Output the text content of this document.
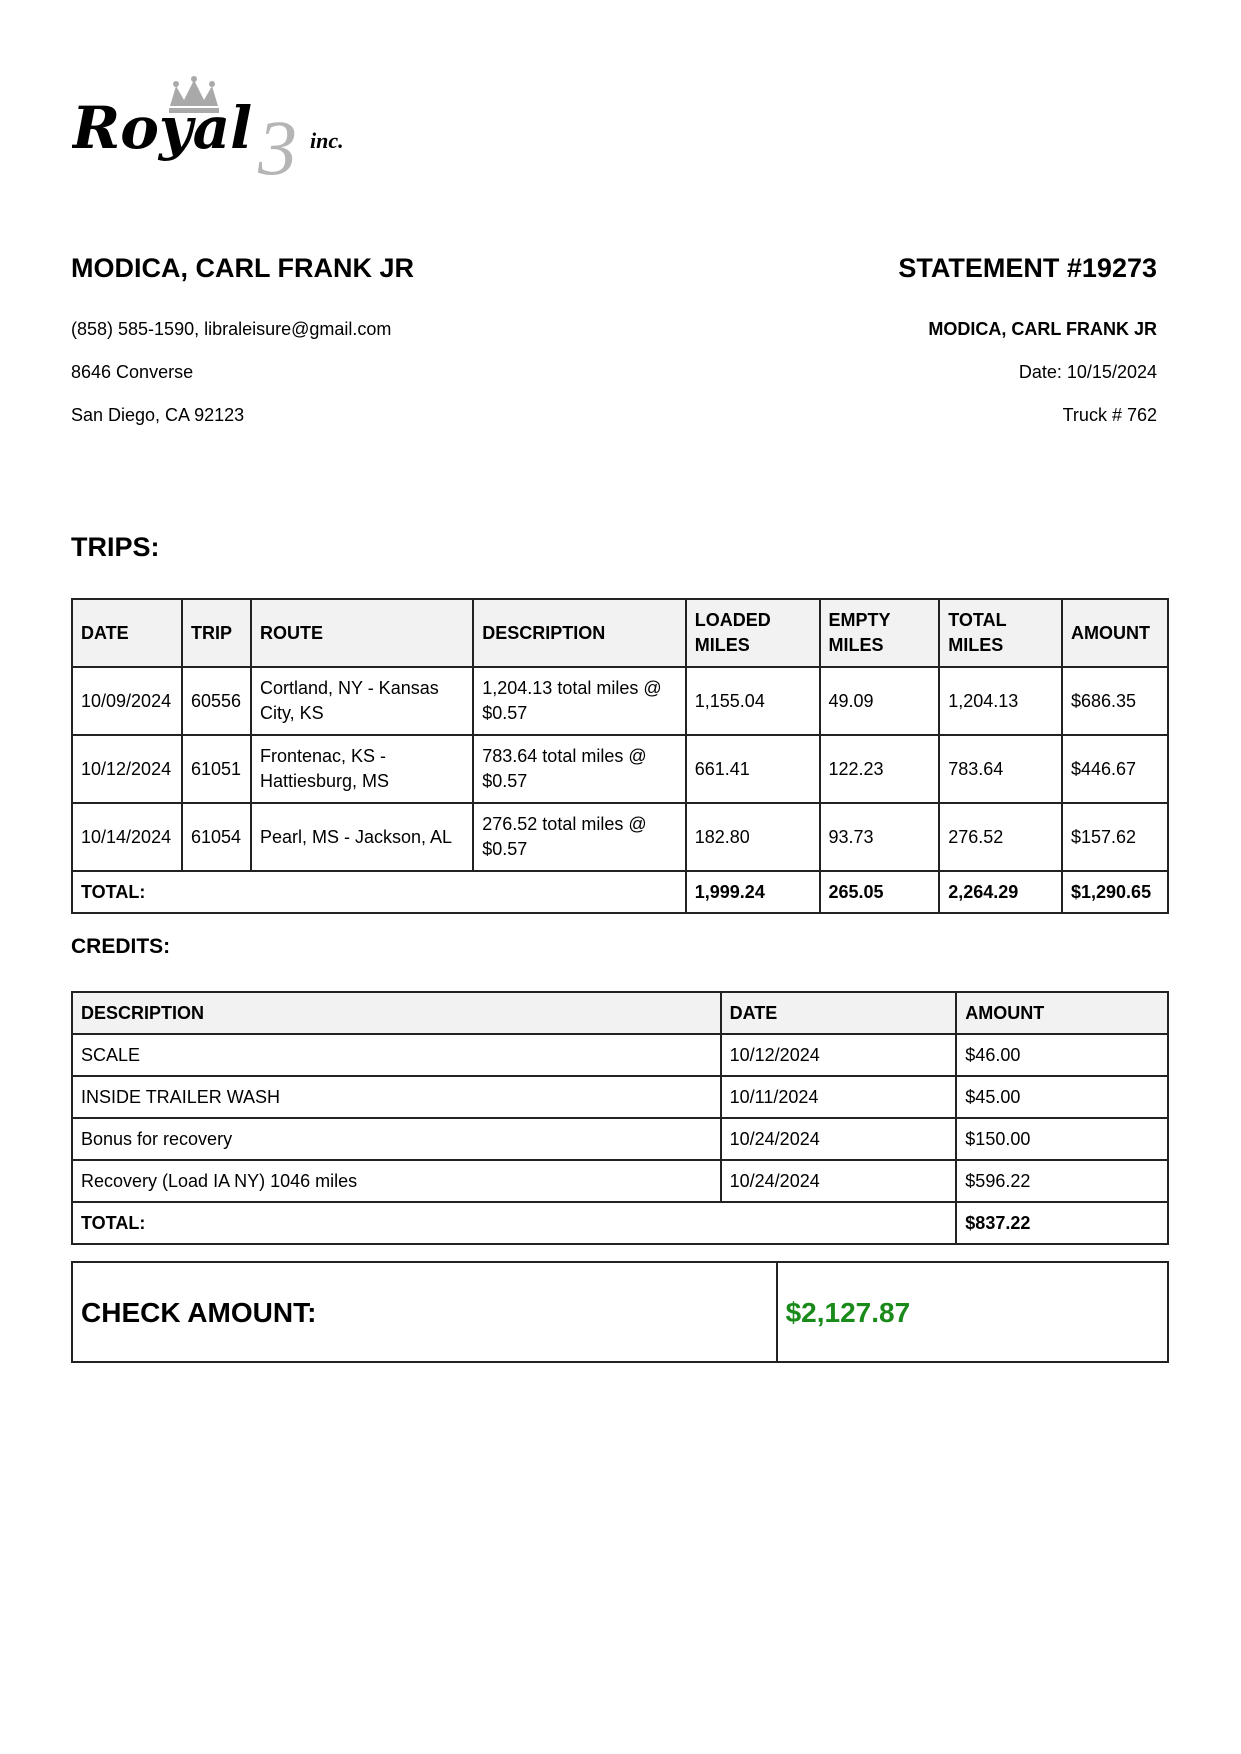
3
Royal	inc.
MODICA, CARL FRANK JR
(858) 585-1590, libraleisure@gmail.com
8646 Converse
San Diego, CA 92123
STATEMENT #19273
MODICA, CARL FRANK JR
Date: 10/15/2024
Truck # 762
TRIPS:
DATE	TRIP	ROUTE	DESCRIPTION	LOADED MILES	EMPTY MILES	TOTAL MILES	AMOUNT
10/09/2024	60556	Cortland, NY - Kansas City, KS	1,204.13 total miles @ $0.57	1,155.04	49.09	1,204.13	$686.35
10/12/2024	61051	Frontenac, KS - Hattiesburg, MS	783.64 total miles @ $0.57	661.41	122.23	783.64	$446.67
10/14/2024	61054	Pearl, MS - Jackson, AL	276.52 total miles @ $0.57	182.80	93.73	276.52	$157.62
TOTAL:				1,999.24	265.05	2,264.29	$1,290.65
CREDITS:
DESCRIPTION	DATE	AMOUNT
SCALE	10/12/2024	$46.00
INSIDE TRAILER WASH	10/11/2024	$45.00
Bonus for recovery	10/24/2024	$150.00
Recovery (Load IA NY) 1046 miles	10/24/2024	$596.22
TOTAL:		$837.22
CHECK AMOUNT:	$2,127.87
